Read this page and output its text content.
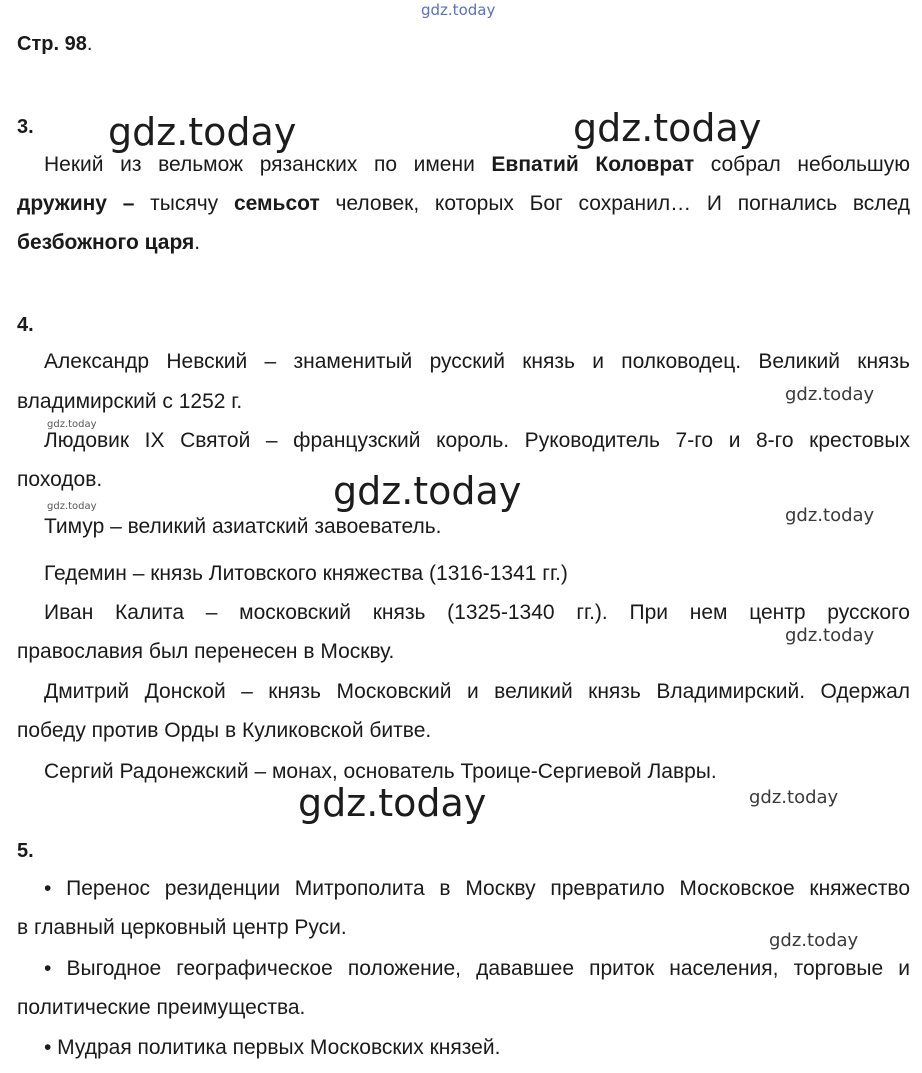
gdz.today
gdz.today	gdz.today
gdz.today
gdz.today
gdz.today
gdz.today	gdz.today
gdz.today
gdz.today	gdz.today
gdz.today
Стр. 98.
3.
Некий из вельмож рязанских по имени Евпатий Коловрат собрал небольшую
дружину – тысячу семьсот человек, которых Бог сохранил… И погнались вслед
безбожного царя.
4.
Александр Невский – знаменитый русский князь и полководец. Великий князь
владимирский с 1252 г.
Людовик IX Святой – французский король. Руководитель 7-го и 8-го крестовых
походов.
Тимур – великий азиатский завоеватель.
Гедемин – князь Литовского княжества (1316-1341 гг.)
Иван Калита – московский князь (1325-1340 гг.). При нем центр русского
православия был перенесен в Москву.
Дмитрий Донской – князь Московский и великий князь Владимирский. Одержал
победу против Орды в Куликовской битве.
Сергий Радонежский – монах, основатель Троице-Сергиевой Лавры.
5.
• Перенос резиденции Митрополита в Москву превратило Московское княжество
в главный церковный центр Руси.
• Выгодное географическое положение, дававшее приток населения, торговые и
политические преимущества.
• Мудрая политика первых Московских князей.
